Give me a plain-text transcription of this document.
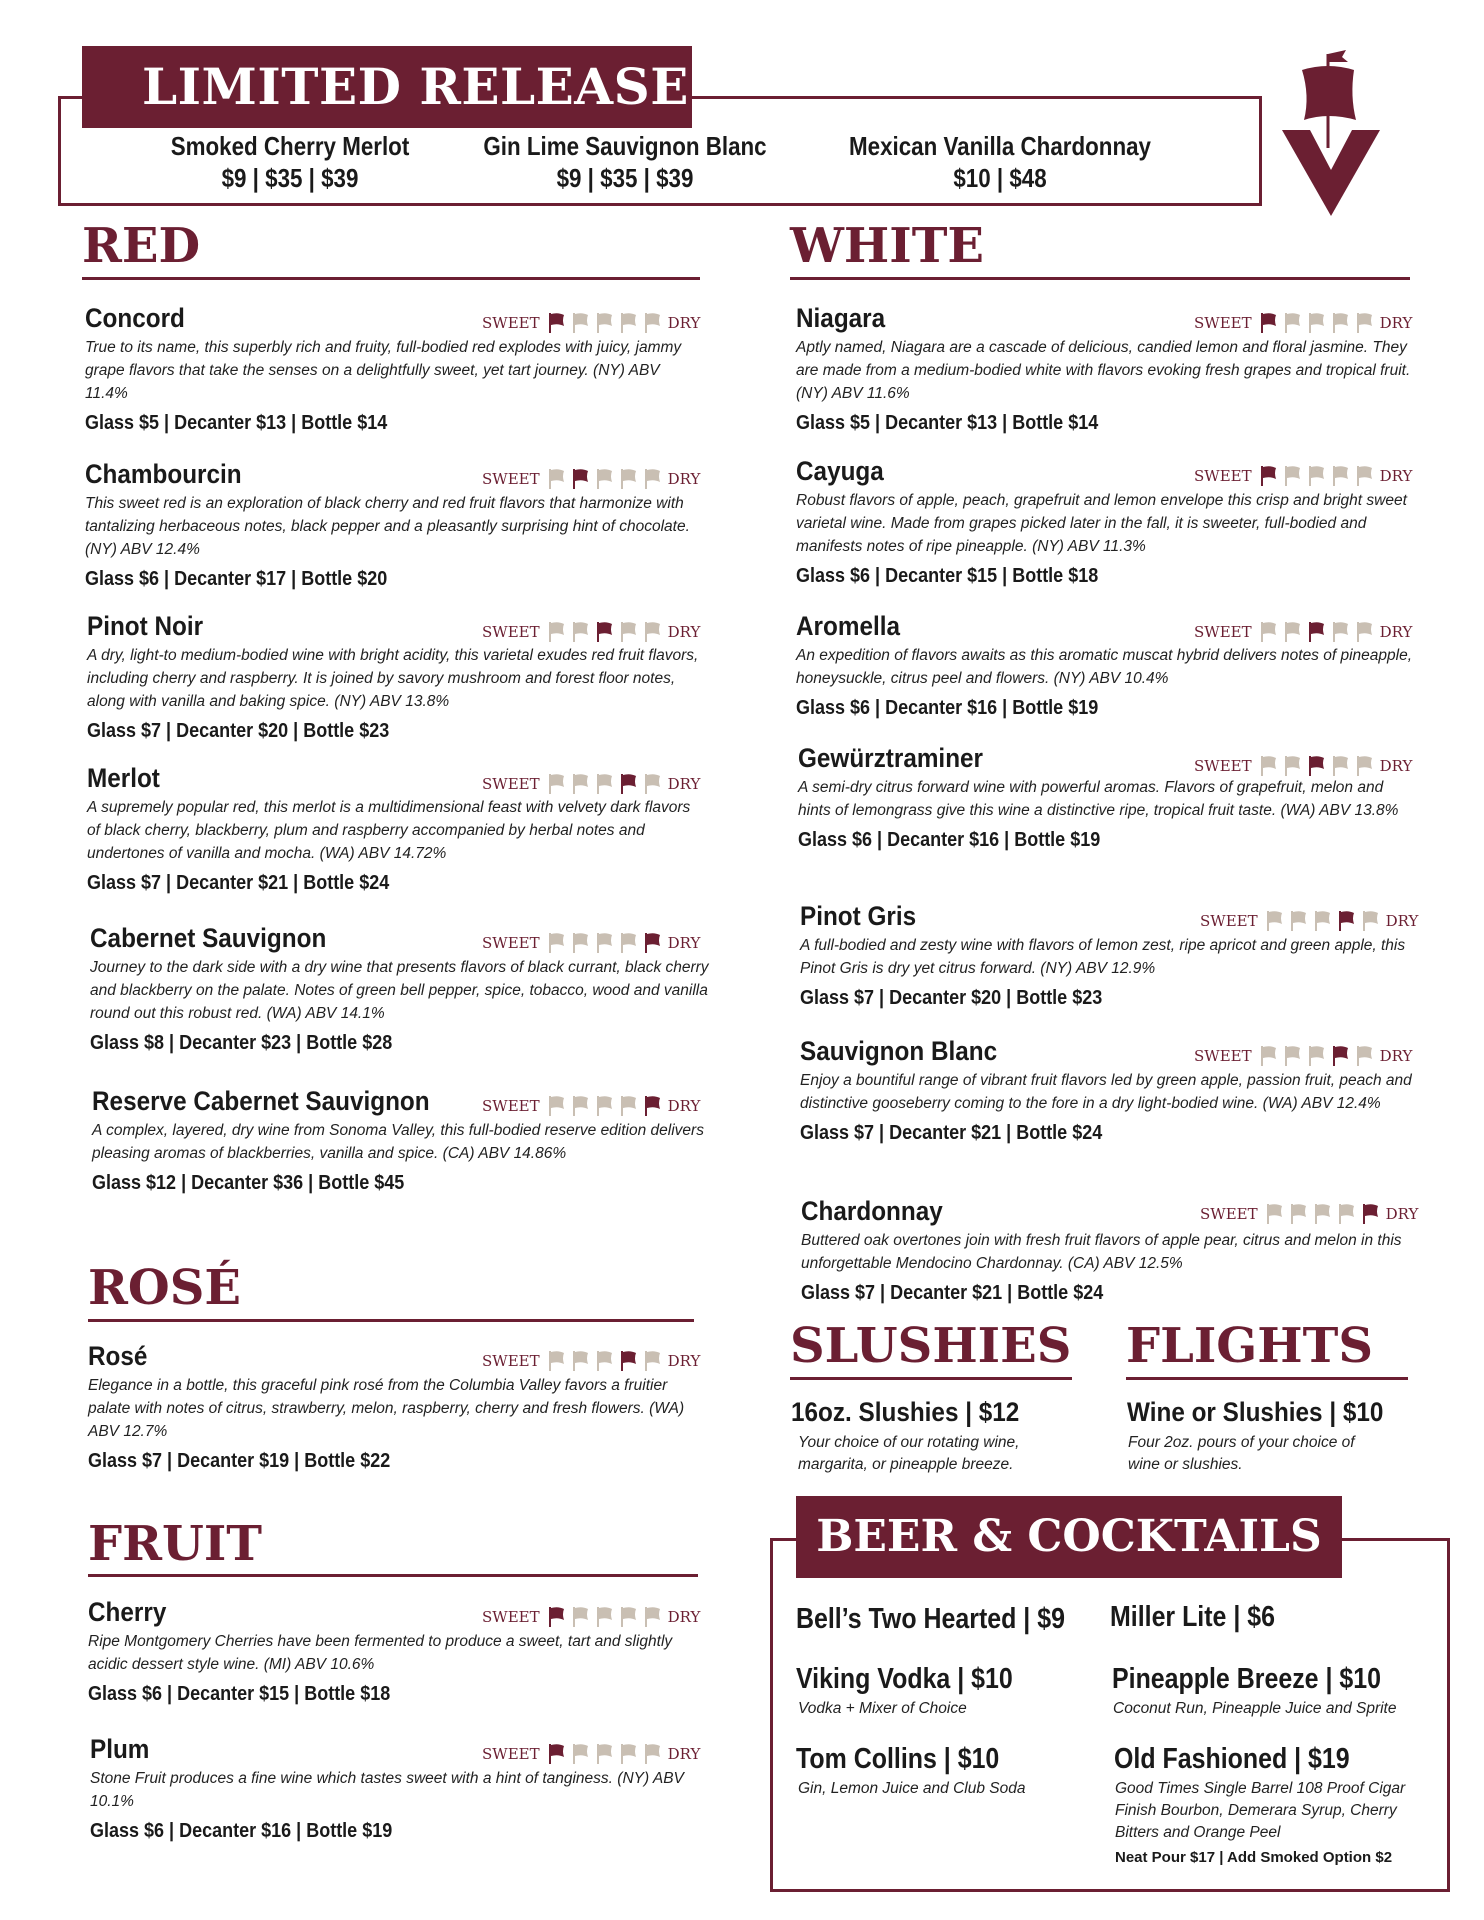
LIMITED RELEASE
Smoked Cherry Merlot
$9 | $35 | $39
Gin Lime Sauvignon Blanc
$9 | $35 | $39
Mexican Vanilla Chardonnay
$10 | $48
RED
Concord
True to its name, this superbly rich and fruity, full-bodied red explodes with juicy, jammy grape flavors that take the senses on a delightfully sweet, yet tart journey. (NY) ABV 11.4%
Glass $5 | Decanter $13 | Bottle $14
SWEET	DRY
Chambourcin
This sweet red is an exploration of black cherry and red fruit flavors that harmonize with tantalizing herbaceous notes, black pepper and a pleasantly surprising hint of chocolate. (NY) ABV 12.4%
Glass $6 | Decanter $17 | Bottle $20
SWEET	DRY
Pinot Noir
A dry, light-to medium-bodied wine with bright acidity, this varietal exudes red fruit flavors, including cherry and raspberry. It is joined by savory mushroom and forest floor notes, along with vanilla and baking spice. (NY) ABV 13.8%
Glass $7 | Decanter $20 | Bottle $23
SWEET	DRY
Merlot
A supremely popular red, this merlot is a multidimensional feast with velvety dark flavors of black cherry, blackberry, plum and raspberry accompanied by herbal notes and undertones of vanilla and mocha. (WA) ABV 14.72%
Glass $7 | Decanter $21 | Bottle $24
SWEET	DRY
Cabernet Sauvignon
Journey to the dark side with a dry wine that presents flavors of black currant, black cherry and blackberry on the palate. Notes of green bell pepper, spice, tobacco, wood and vanilla round out this robust red. (WA) ABV 14.1%
Glass $8 | Decanter $23 | Bottle $28
SWEET	DRY
Reserve Cabernet Sauvignon
A complex, layered, dry wine from Sonoma Valley, this full-bodied reserve edition delivers pleasing aromas of blackberries, vanilla and spice. (CA) ABV 14.86%
Glass $12 | Decanter $36 | Bottle $45
SWEET	DRY
ROSÉ
Rosé
Elegance in a bottle, this graceful pink rosé from the Columbia Valley favors a fruitier palate with notes of citrus, strawberry, melon, raspberry, cherry and fresh flowers. (WA) ABV 12.7%
Glass $7 | Decanter $19 | Bottle $22
SWEET	DRY
FRUIT
Cherry
Ripe Montgomery Cherries have been fermented to produce a sweet, tart and slightly acidic dessert style wine. (MI) ABV 10.6%
Glass $6 | Decanter $15 | Bottle $18
SWEET	DRY
Plum
Stone Fruit produces a fine wine which tastes sweet with a hint of tanginess. (NY) ABV 10.1%
Glass $6 | Decanter $16 | Bottle $19
SWEET	DRY
WHITE
Niagara
Aptly named, Niagara are a cascade of delicious, candied lemon and floral jasmine. They are made from a medium-bodied white with flavors evoking fresh grapes and tropical fruit. (NY) ABV 11.6%
Glass $5 | Decanter $13 | Bottle $14
SWEET	DRY
Cayuga
Robust flavors of apple, peach, grapefruit and lemon envelope this crisp and bright sweet varietal wine. Made from grapes picked later in the fall, it is sweeter, full-bodied and manifests notes of ripe pineapple. (NY) ABV 11.3%
Glass $6 | Decanter $15 | Bottle $18
SWEET	DRY
Aromella
An expedition of flavors awaits as this aromatic muscat hybrid delivers notes of pineapple, honeysuckle, citrus peel and flowers. (NY) ABV 10.4%
Glass $6 | Decanter $16 | Bottle $19
SWEET	DRY
Gewürztraminer
A semi-dry citrus forward wine with powerful aromas. Flavors of grapefruit, melon and hints of lemongrass give this wine a distinctive ripe, tropical fruit taste. (WA) ABV 13.8%
Glass $6 | Decanter $16 | Bottle $19
SWEET	DRY
Pinot Gris
A full-bodied and zesty wine with flavors of lemon zest, ripe apricot and green apple, this Pinot Gris is dry yet citrus forward. (NY) ABV 12.9%
Glass $7 | Decanter $20 | Bottle $23
SWEET	DRY
Sauvignon Blanc
Enjoy a bountiful range of vibrant fruit flavors led by green apple, passion fruit, peach and distinctive gooseberry coming to the fore in a dry light-bodied wine. (WA) ABV 12.4%
Glass $7 | Decanter $21 | Bottle $24
SWEET	DRY
Chardonnay
Buttered oak overtones join with fresh fruit flavors of apple pear, citrus and melon in this unforgettable Mendocino Chardonnay. (CA) ABV 12.5%
Glass $7 | Decanter $21 | Bottle $24
SWEET	DRY
SLUSHIES
16oz. Slushies | $12
Your choice of our rotating wine, margarita, or pineapple breeze.
FLIGHTS
Wine or Slushies | $10
Four 2oz. pours of your choice of wine or slushies.
BEER & COCKTAILS
Bell’s Two Hearted | $9 Miller Lite | $6
Viking Vodka | $10
Vodka + Mixer of Choice
Pineapple Breeze | $10
Coconut Run, Pineapple Juice and Sprite
Tom Collins | $10
Gin, Lemon Juice and Club Soda
Old Fashioned | $19
Good Times Single Barrel 108 Proof Cigar Finish Bourbon, Demerara Syrup, Cherry Bitters and Orange Peel
Neat Pour $17 | Add Smoked Option $2
